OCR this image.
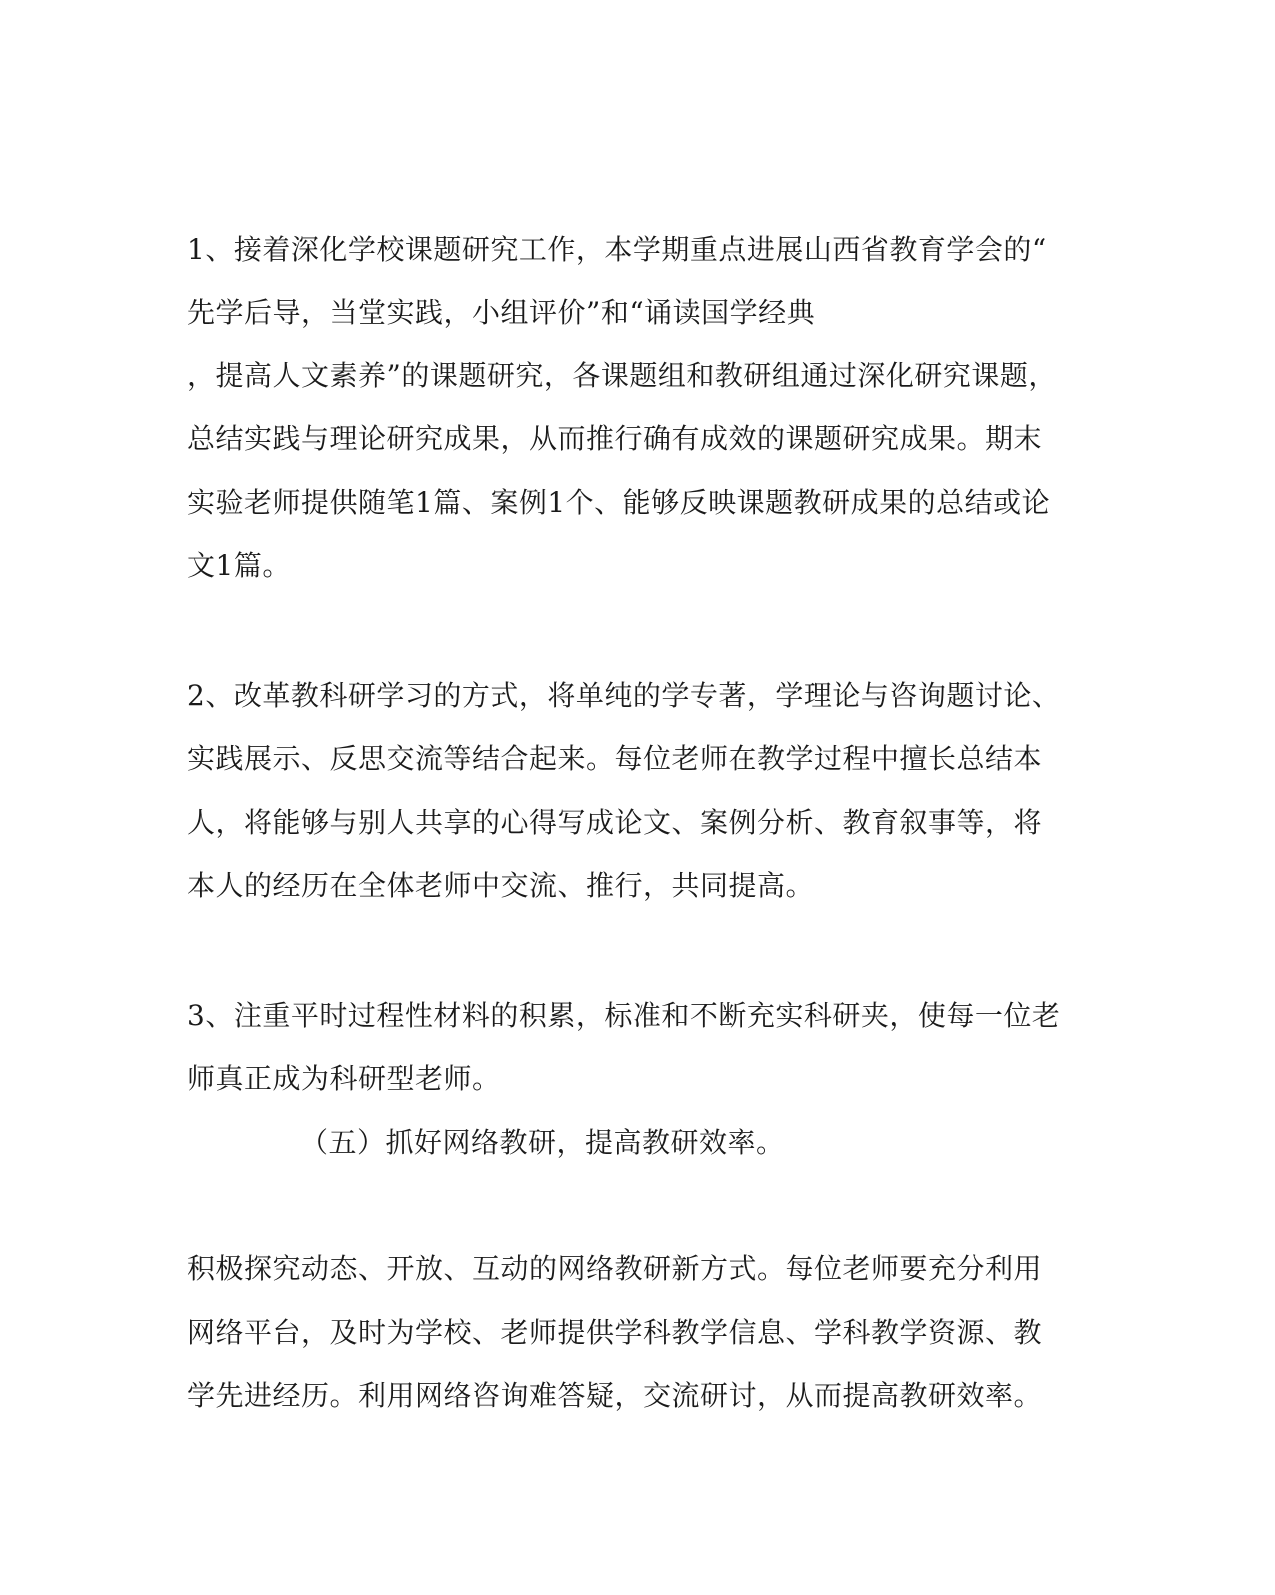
1、接着深化学校课题研究工作，本学期重点进展山西省教育学会的“
先学后导，当堂实践，小组评价”和“诵读国学经典
，提高人文素养”的课题研究，各课题组和教研组通过深化研究课题，
总结实践与理论研究成果，从而推行确有成效的课题研究成果。期末
实验老师提供随笔1篇、案例1个、能够反映课题教研成果的总结或论
文1篇。
2、改革教科研学习的方式，将单纯的学专著，学理论与咨询题讨论、
实践展示、反思交流等结合起来。每位老师在教学过程中擅长总结本
人，将能够与别人共享的心得写成论文、案例分析、教育叙事等，将
本人的经历在全体老师中交流、推行，共同提高。
3、注重平时过程性材料的积累，标准和不断充实科研夹，使每一位老
师真正成为科研型老师。
（五）抓好网络教研，提高教研效率。
积极探究动态、开放、互动的网络教研新方式。每位老师要充分利用
网络平台，及时为学校、老师提供学科教学信息、学科教学资源、教
学先进经历。利用网络咨询难答疑，交流研讨，从而提高教研效率。
